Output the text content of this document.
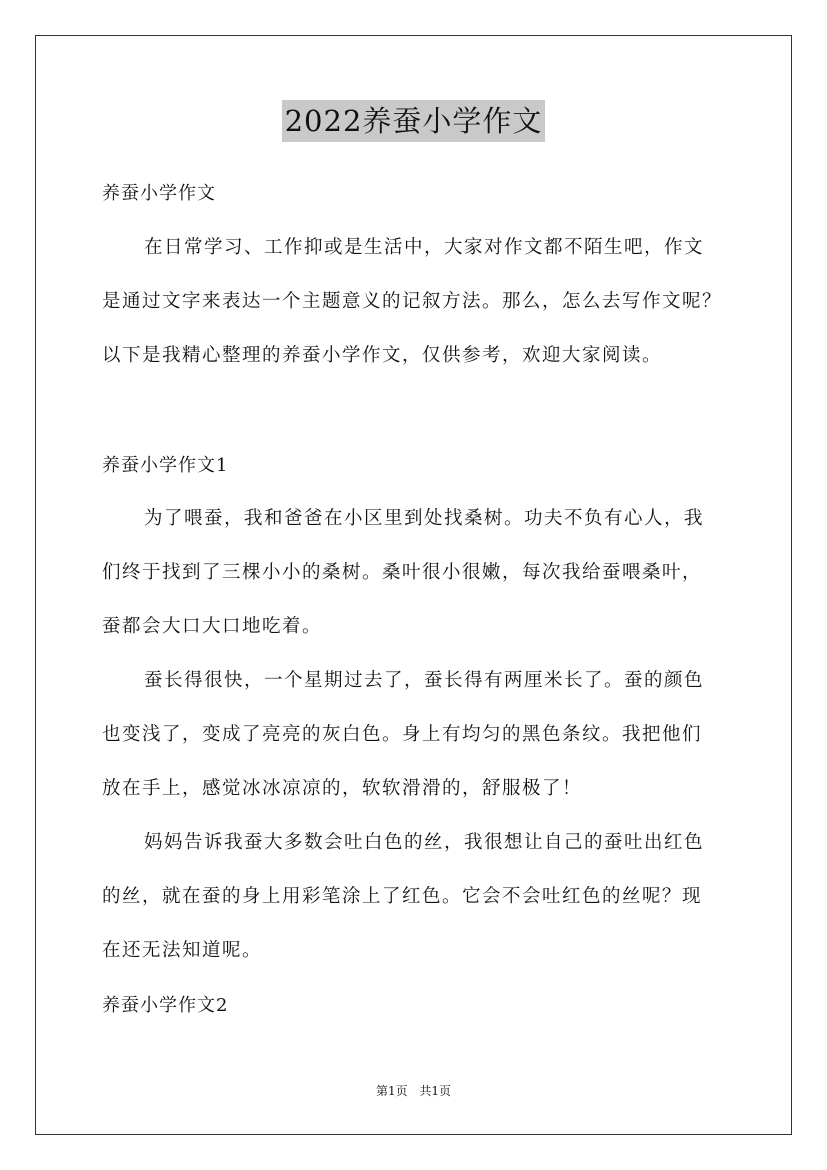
2022养蚕小学作文
养蚕小学作文
在日常学习、工作抑或是生活中，大家对作文都不陌生吧，作文
是通过文字来表达一个主题意义的记叙方法。那么，怎么去写作文呢？
以下是我精心整理的养蚕小学作文，仅供参考，欢迎大家阅读。
养蚕小学作文1
为了喂蚕，我和爸爸在小区里到处找桑树。功夫不负有心人，我
们终于找到了三棵小小的桑树。桑叶很小很嫩，每次我给蚕喂桑叶，
蚕都会大口大口地吃着。
蚕长得很快，一个星期过去了，蚕长得有两厘米长了。蚕的颜色
也变浅了，变成了亮亮的灰白色。身上有均匀的黑色条纹。我把他们
放在手上，感觉冰冰凉凉的，软软滑滑的，舒服极了！
妈妈告诉我蚕大多数会吐白色的丝，我很想让自己的蚕吐出红色
的丝，就在蚕的身上用彩笔涂上了红色。它会不会吐红色的丝呢？现
在还无法知道呢。
养蚕小学作文2
第1页 共1页
